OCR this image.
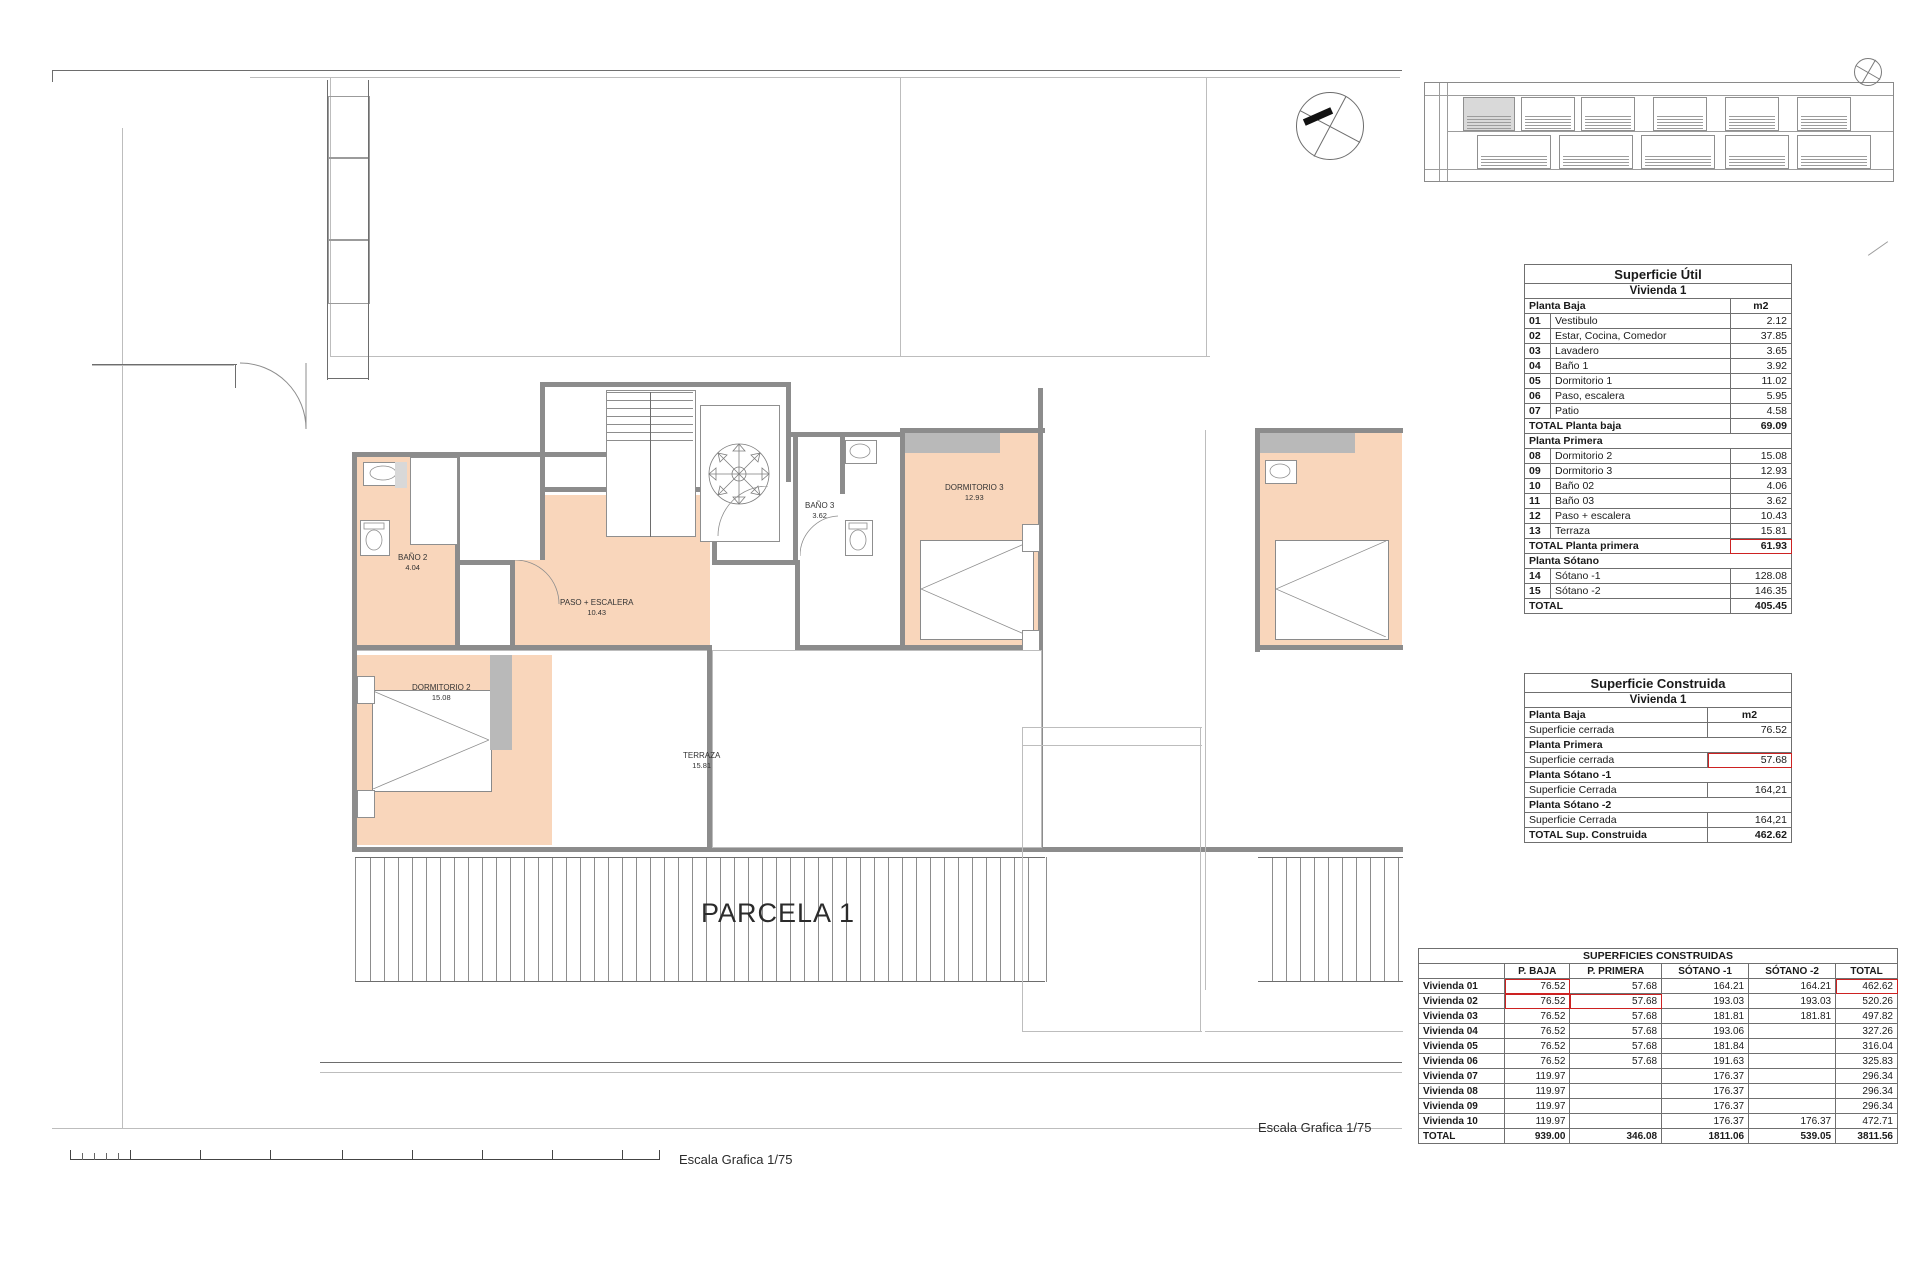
BAÑO 2
4.04
DORMITORIO 2
15.08
PASO + ESCALERA
10.43
BAÑO 3
3.62
DORMITORIO 3
12.93
TERRAZA
15.81
PARCELA 1
Escala Grafica 1/75
Escala Grafica 1/75
Superficie Útil		
Vivienda 1		
Planta Baja		m2
01	Vestibulo	2.12
02	Estar, Cocina, Comedor	37.85
03	Lavadero	3.65
04	Baño 1	3.92
05	Dormitorio 1	11.02
06	Paso, escalera	5.95
07	Patio	4.58
TOTAL Planta baja		69.09
Planta Primera		
08	Dormitorio 2	15.08
09	Dormitorio 3	12.93
10	Baño 02	4.06
11	Baño 03	3.62
12	Paso + escalera	10.43
13	Terraza	15.81
TOTAL Planta primera		61.93
Planta Sótano		
14	Sótano -1	128.08
15	Sótano -2	146.35
TOTAL		405.45
Superficie Construida	
Vivienda 1	
Planta Baja	m2
Superficie cerrada	76.52
Planta Primera	
Superficie cerrada	57.68
Planta Sótano -1	
Superficie Cerrada	164,21
Planta Sótano -2	
Superficie Cerrada	164,21
TOTAL Sup. Construida	462.62
SUPERFICIES CONSTRUIDAS					
	P. BAJA	P. PRIMERA	SÓTANO -1	SÓTANO -2	TOTAL
Vivienda 01	76.52	57.68	164.21	164.21	462.62
Vivienda 02	76.52	57.68	193.03	193.03	520.26
Vivienda 03	76.52	57.68	181.81	181.81	497.82
Vivienda 04	76.52	57.68	193.06		327.26
Vivienda 05	76.52	57.68	181.84		316.04
Vivienda 06	76.52	57.68	191.63		325.83
Vivienda 07	119.97		176.37		296.34
Vivienda 08	119.97		176.37		296.34
Vivienda 09	119.97		176.37		296.34
Vivienda 10	119.97		176.37	176.37	472.71
TOTAL	939.00	346.08	1811.06	539.05	3811.56
